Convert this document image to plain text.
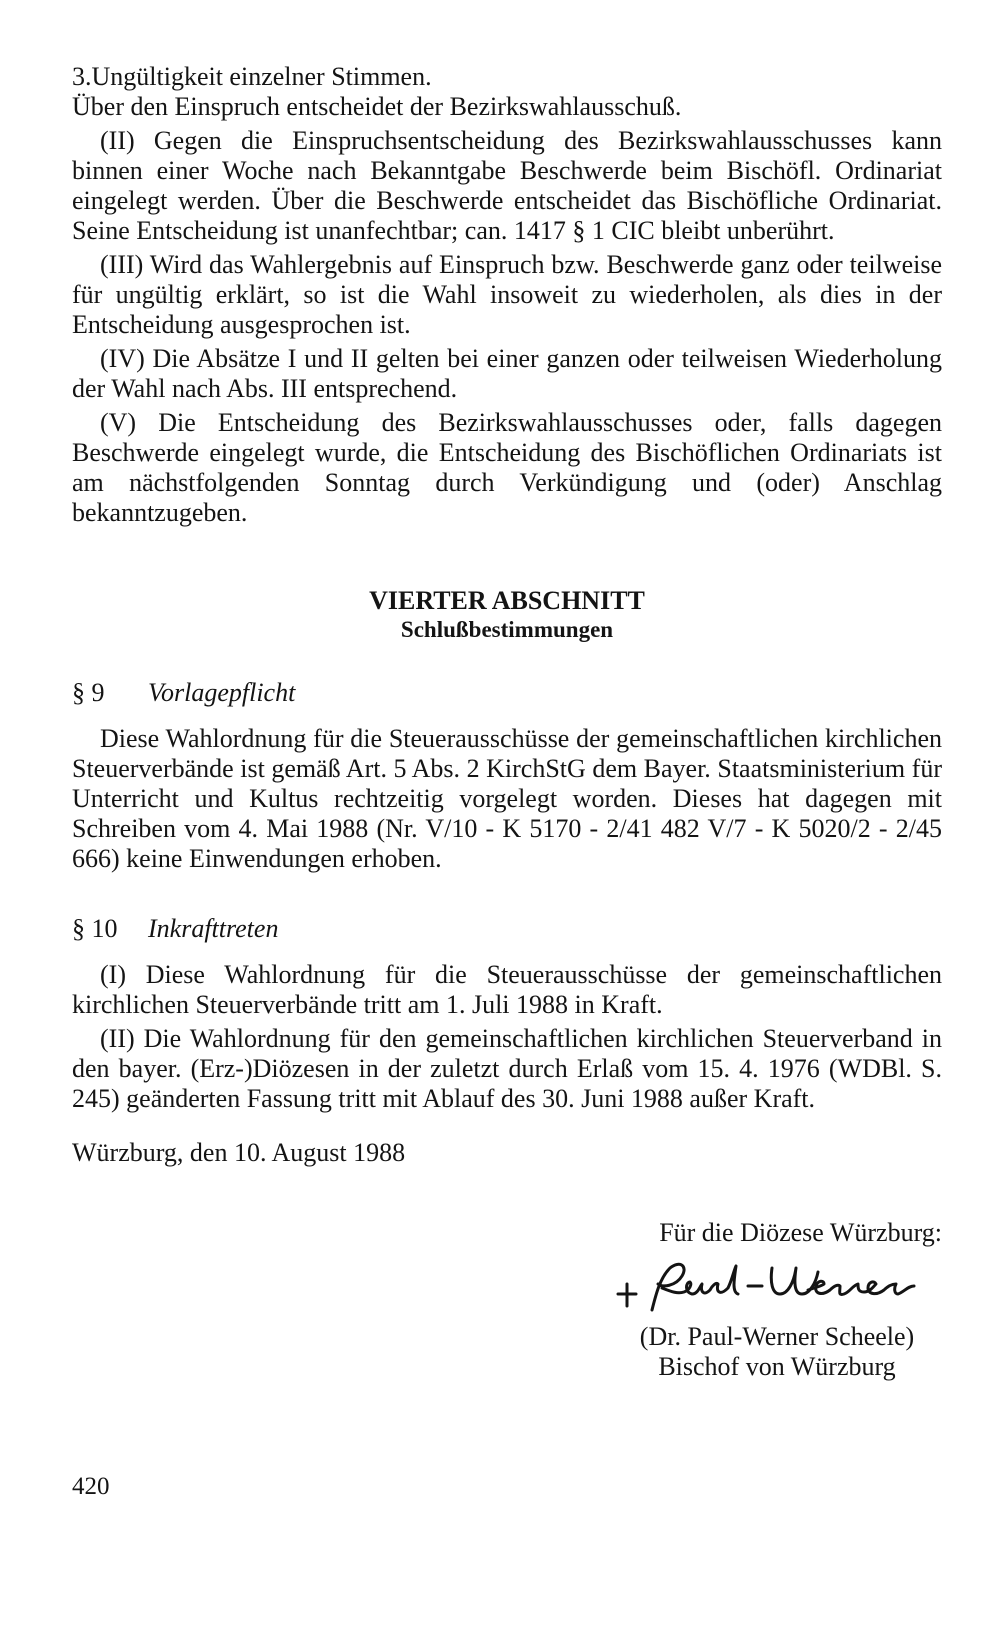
3.Ungültigkeit einzelner Stimmen.

Über den Einspruch entscheidet der Bezirkswahlausschuß.

(II) Gegen die Einspruchsentscheidung des Bezirkswahlausschusses kann binnen einer Woche nach Bekanntgabe Beschwerde beim Bischöfl. Ordinariat eingelegt werden. Über die Beschwerde entscheidet das Bischöfliche Ordinariat. Seine Entscheidung ist unanfechtbar; can. 1417 § 1 CIC bleibt unberührt.

(III) Wird das Wahlergebnis auf Einspruch bzw. Beschwerde ganz oder teilweise für ungültig erklärt, so ist die Wahl insoweit zu wiederholen, als dies in der Entscheidung ausgesprochen ist.

(IV) Die Absätze I und II gelten bei einer ganzen oder teilweisen Wiederholung der Wahl nach Abs. III entsprechend.

(V) Die Entscheidung des Bezirkswahlausschusses oder, falls dagegen Beschwerde eingelegt wurde, die Entscheidung des Bischöflichen Ordinariats ist am nächstfolgenden Sonntag durch Verkündigung und (oder) Anschlag bekanntzugeben.

VIERTER ABSCHNITT
Schlußbestimmungen
§ 9	Vorlagepflicht

Diese Wahlordnung für die Steuerausschüsse der gemeinschaftlichen kirchlichen Steuerverbände ist gemäß Art. 5 Abs. 2 KirchStG dem Bayer. Staatsministerium für Unterricht und Kultus rechtzeitig vorgelegt worden. Dieses hat dagegen mit Schreiben vom 4. Mai 1988 (Nr. V/10 - K 5170 - 2/41 482 V/7 - K 5020/2 - 2/45 666) keine Einwendungen erhoben.

§ 10	Inkrafttreten

(I) Diese Wahlordnung für die Steuerausschüsse der gemeinschaftlichen kirchlichen Steuerverbände tritt am 1. Juli 1988 in Kraft.

(II) Die Wahlordnung für den gemeinschaftlichen kirchlichen Steuerverband in den bayer. (Erz-)Diözesen in der zuletzt durch Erlaß vom 15. 4. 1976 (WDBl. S. 245) geänderten Fassung tritt mit Ablauf des 30. Juni 1988 außer Kraft.

Würzburg, den 10. August 1988

Für die Diözese Würzburg:
(Dr. Paul-Werner Scheele)
Bischof von Würzburg
420
